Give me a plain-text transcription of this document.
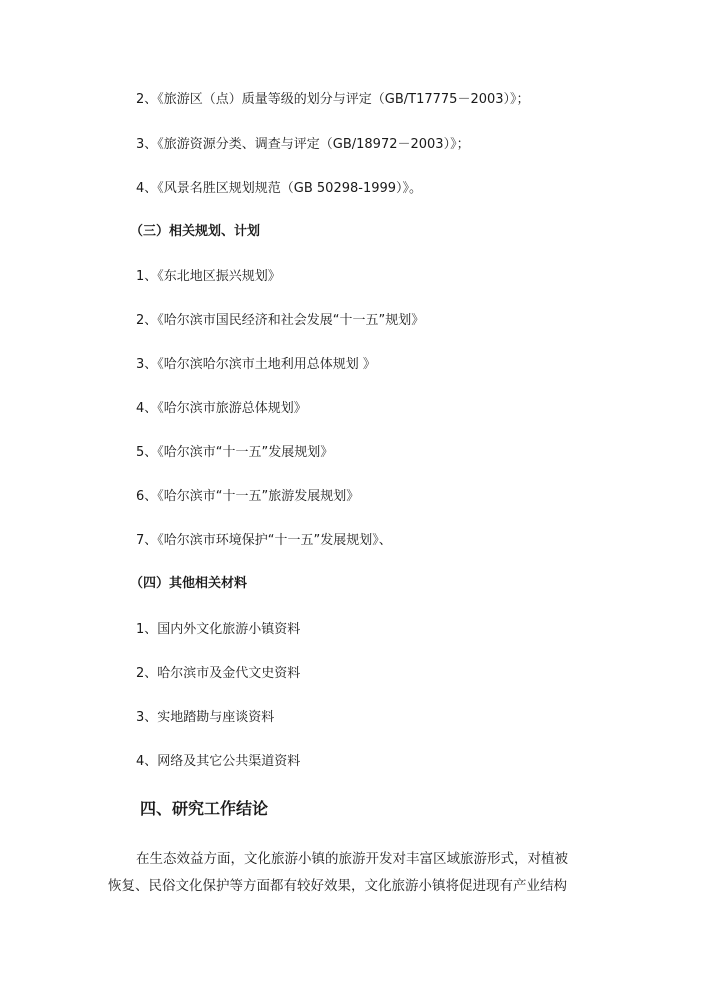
2、《旅游区（点）质量等级的划分与评定（GB/T17775－2003）》；
3、《旅游资源分类、调查与评定（GB/18972－2003）》；
4、《风景名胜区规划规范（GB 50298-1999）》。
（三）相关规划、计划
1、《东北地区振兴规划》
2、《哈尔滨市国民经济和社会发展“十一五”规划》
3、《哈尔滨哈尔滨市土地利用总体规划 》
4、《哈尔滨市旅游总体规划》
5、《哈尔滨市“十一五”发展规划》
6、《哈尔滨市“十一五”旅游发展规划》
7、《哈尔滨市环境保护“十一五”发展规划》、
（四）其他相关材料
1、国内外文化旅游小镇资料
2、哈尔滨市及金代文史资料
3、实地踏勘与座谈资料
4、网络及其它公共渠道资料
四、研究工作结论
在生态效益方面，文化旅游小镇的旅游开发对丰富区域旅游形式，对植被
恢复、民俗文化保护等方面都有较好效果，文化旅游小镇将促进现有产业结构
